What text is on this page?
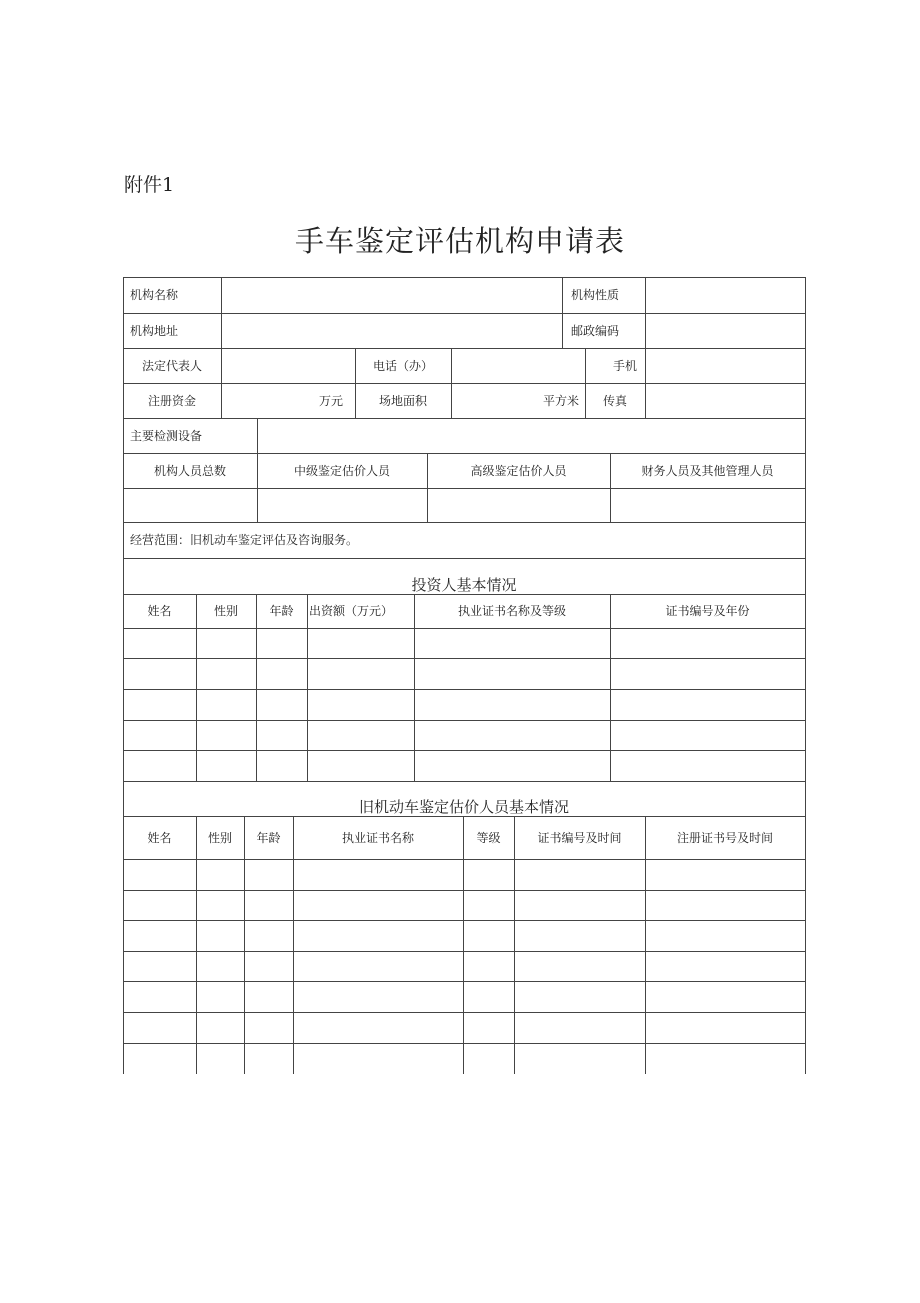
附件1
手车鉴定评估机构申请表
机构名称	机构性质
机构地址	邮政编码
法定代表人	电话（办）	手机
注册资金	万元	场地面积	平方米 传真
主要检测设备
机构人员总数	中级鉴定估价人员	高级鉴定估价人员	财务人员及其他管理人员
经营范围：旧机动车鉴定评估及咨询服务。
投资人基本情况
姓名	性别	年龄	出资额（万元）	执业证书名称及等级	证书编号及年份
旧机动车鉴定估价人员基本情况
姓名	性别	年龄	执业证书名称	等级	证书编号及时间	注册证书号及时间
